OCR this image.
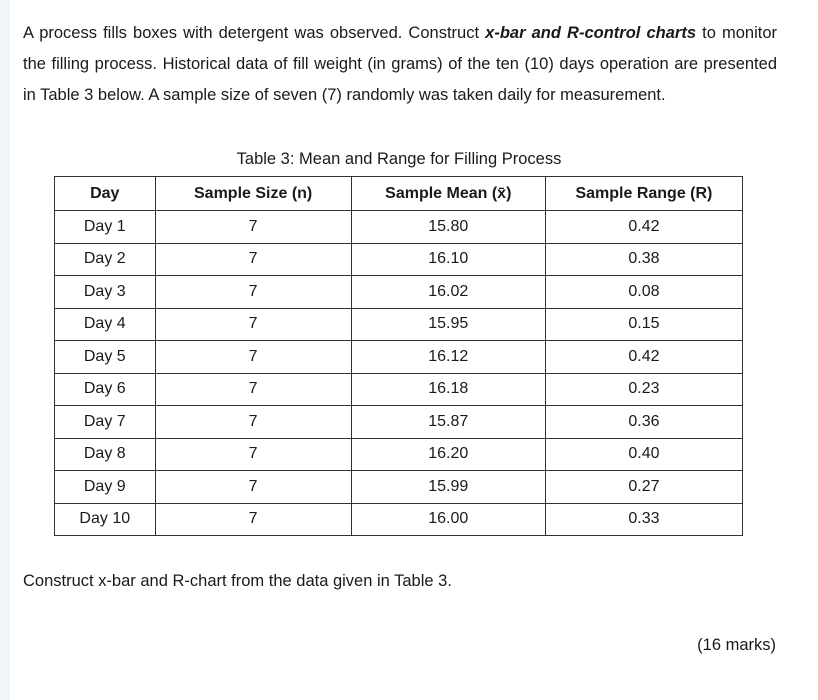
A process fills boxes with detergent was observed. Construct x-bar and R-control charts to monitor the filling process. Historical data of fill weight (in grams) of the ten (10) days operation are presented in Table 3 below. A sample size of seven (7) randomly was taken daily for measurement.

Table 3: Mean and Range for Filling Process
Day	Sample Size (n)	Sample Mean (x̄)	Sample Range (R)
Day 1	7	15.80	0.42
Day 2	7	16.10	0.38
Day 3	7	16.02	0.08
Day 4	7	15.95	0.15
Day 5	7	16.12	0.42
Day 6	7	16.18	0.23
Day 7	7	15.87	0.36
Day 8	7	16.20	0.40
Day 9	7	15.99	0.27
Day 10	7	16.00	0.33

Construct x-bar and R-chart from the data given in Table 3.

(16 marks)
